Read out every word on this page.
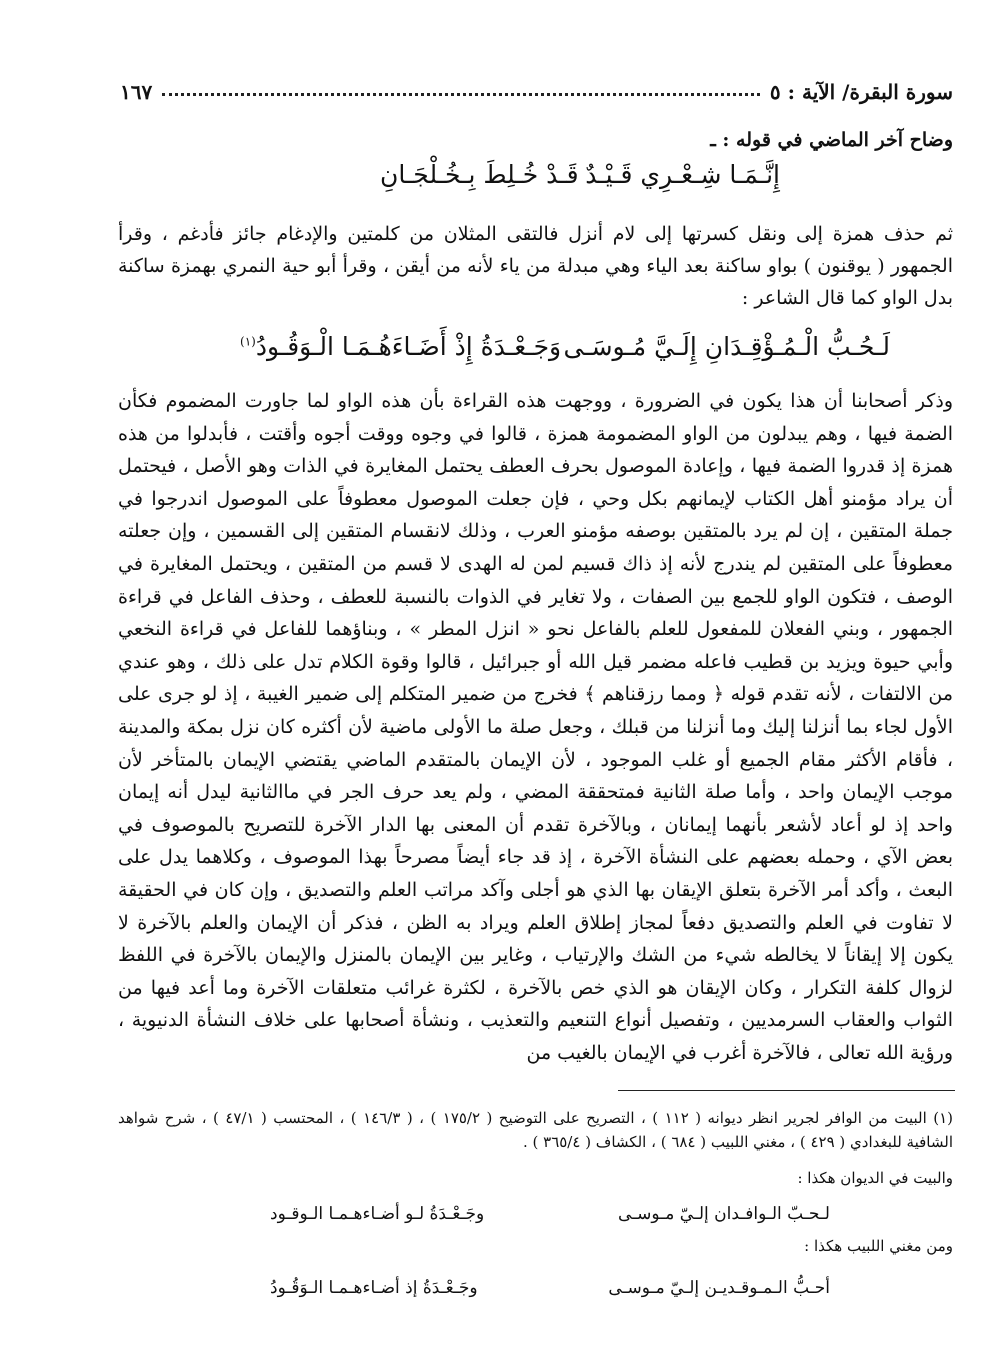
سورة البقرة/ الآية : ٥
١٦٧

وضاح آخر الماضي في قوله : ـ

إِنَّـمَـا شِـعْـرِي قَـيْـدٌ
قَـدْ خُـلِطَ بِـخُـلْجَـانِ

ثم حذف همزة إلى ونقل كسرتها إلى لام أنزل فالتقى المثلان من كلمتين والإدغام جائز فأدغم ، وقرأ الجمهور ( يوقنون ) بواو ساكنة بعد الياء وهي مبدلة من ياء لأنه من أيقن ، وقرأ أبو حية النمري بهمزة ساكنة بدل الواو كما قال الشاعر :

لَـحُـبُّ الْـمُـؤْقِـدَانِ إِلَـيَّ مُـوسَـى
وَجَـعْـدَةُ إِذْ أَضَـاءَهُـمَـا الْـوَقُـودُ$^{(١)}$

وذكر أصحابنا أن هذا يكون في الضرورة ، ووجهت هذه القراءة بأن هذه الواو لما جاورت المضموم فكأن الضمة فيها ، وهم يبدلون من الواو المضمومة همزة ، قالوا في وجوه ووقت أجوه وأقتت ، فأبدلوا من هذه همزة إذ قدروا الضمة فيها ، وإعادة الموصول بحرف العطف يحتمل المغايرة في الذات وهو الأصل ، فيحتمل أن يراد مؤمنو أهل الكتاب لإيمانهم بكل وحي ، فإن جعلت الموصول معطوفاً على الموصول اندرجوا في جملة المتقين ، إن لم يرد بالمتقين بوصفه مؤمنو العرب ، وذلك لانقسام المتقين إلى القسمين ، وإن جعلته معطوفاً على المتقين لم يندرج لأنه إذ ذاك قسيم لمن له الهدى لا قسم من المتقين ، ويحتمل المغايرة في الوصف ، فتكون الواو للجمع بين الصفات ، ولا تغاير في الذوات بالنسبة للعطف ، وحذف الفاعل في قراءة الجمهور ، وبني الفعلان للمفعول للعلم بالفاعل نحو « انزل المطر » ، وبناؤهما للفاعل في قراءة النخعي وأبي حيوة ويزيد بن قطيب فاعله مضمر قيل الله أو جبرائيل ، قالوا وقوة الكلام تدل على ذلك ، وهو عندي من الالتفات ، لأنه تقدم قوله ﴿ ومما رزقناهم ﴾ فخرج من ضمير المتكلم إلى ضمير الغيبة ، إذ لو جرى على الأول لجاء بما أنزلنا إليك وما أنزلنا من قبلك ، وجعل صلة ما الأولى ماضية لأن أكثره كان نزل بمكة والمدينة ، فأقام الأكثر مقام الجميع أو غلب الموجود ، لأن الإيمان بالمتقدم الماضي يقتضي الإيمان بالمتأخر لأن موجب الإيمان واحد ، وأما صلة الثانية فمتحققة المضي ، ولم يعد حرف الجر في ماالثانية ليدل أنه إيمان واحد إذ لو أعاد لأشعر بأنهما إيمانان ، وبالآخرة تقدم أن المعنى بها الدار الآخرة للتصريح بالموصوف في بعض الآي ، وحمله بعضهم على النشأة الآخرة ، إذ قد جاء أيضاً مصرحاً بهذا الموصوف ، وكلاهما يدل على البعث ، وأكد أمر الآخرة بتعلق الإيقان بها الذي هو أجلى وآكد مراتب العلم والتصديق ، وإن كان في الحقيقة لا تفاوت في العلم والتصديق دفعاً لمجاز إطلاق العلم ويراد به الظن ، فذكر أن الإيمان والعلم بالآخرة لا يكون إلا إيقاناً لا يخالطه شيء من الشك والإرتياب ، وغاير بين الإيمان بالمنزل والإيمان بالآخرة في اللفظ لزوال كلفة التكرار ، وكان الإيقان هو الذي خص بالآخرة ، لكثرة غرائب متعلقات الآخرة وما أعد فيها من الثواب والعقاب السرمديين ، وتفصيل أنواع التنعيم والتعذيب ، ونشأة أصحابها على خلاف النشأة الدنيوية ، ورؤية الله تعالى ، فالآخرة أغرب في الإيمان بالغيب من

(١) البيت من الوافر لجرير انظر ديوانه ( ١١٢ ) ، التصريح على التوضيح ( ١٧٥/٢ ) ، ( ١٤٦/٣ ) ، المحتسب ( ٤٧/١ ) ، شرح شواهد الشافية للبغدادي ( ٤٢٩ ) ، مغني اللبيب ( ٦٨٤ ) ، الكشاف ( ٣٦٥/٤ ) .

والبيت في الديوان هكذا :

لـحـبّ الـوافـدان إلـيّ مـوسـى
وجَـعْـدَةُ لـو أضـاءهـمـا الـوقـود

ومن مغني اللبيب هكذا :

أحـبُّ الـمـوقـديـن إلـيّ مـوسـى
وجَـعْـدَةُ إذ أضـاءهـمـا الـوَقُـودُ
